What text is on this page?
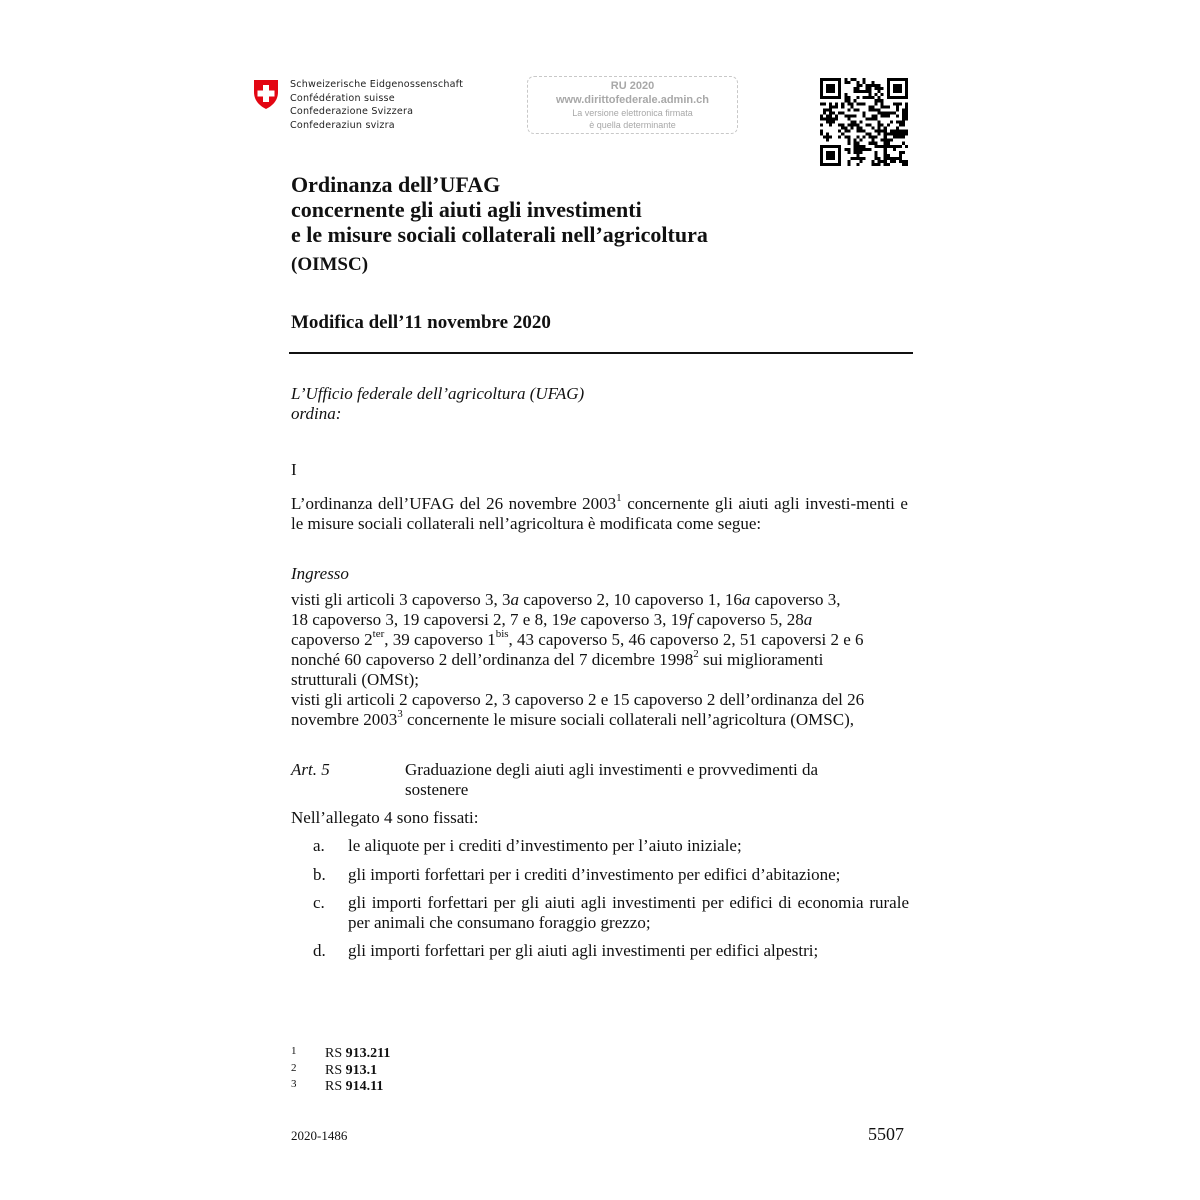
Schweizerische Eidgenossenschaft
Confédération suisse
Confederazione Svizzera
Confederaziun svizra
RU 2020
www.dirittofederale.admin.ch
La versione elettronica firmata
è quella determinante
Ordinanza dell’UFAG
concernente gli aiuti agli investimenti
e le misure sociali collaterali nell’agricoltura
(OIMSC)
Modifica dell’11 novembre 2020
L’Ufficio federale dell’agricoltura (UFAG)
ordina:
I
L’ordinanza dell’UFAG del 26 novembre 2003$^1$ concernente gli aiuti agli investi-menti e le misure sociali collaterali nell’agricoltura è modificata come segue:
Ingresso
visti gli articoli 3 capoverso 3, 3a capoverso 2, 10 capoverso 1, 16a capoverso 3,
18 capoverso 3, 19 capoversi 2, 7 e 8, 19e capoverso 3, 19f capoverso 5, 28a
capoverso $2^{ter}$, 39 capoverso $1^{bis}$, 43 capoverso 5, 46 capoverso 2, 51 capoversi 2 e 6
nonché 60 capoverso 2 dell’ordinanza del 7 dicembre 1998$^2$ sui miglioramenti
strutturali (OMSt);
visti gli articoli 2 capoverso 2, 3 capoverso 2 e 15 capoverso 2 dell’ordinanza del 26
novembre 2003$^3$ concernente le misure sociali collaterali nell’agricoltura (OMSC),
Art. 5	Graduazione degli aiuti agli investimenti e provvedimenti da
sostenere
Nell’allegato 4 sono fissati:
a. le aliquote per i crediti d’investimento per l’aiuto iniziale;
b. gli importi forfettari per i crediti d’investimento per edifici d’abitazione;
c. gli importi forfettari per gli aiuti agli investimenti per edifici di economia rurale per animali che consumano foraggio grezzo;
d. gli importi forfettari per gli aiuti agli investimenti per edifici alpestri;
1 RS 913.211
2 RS 913.1
3 RS 914.11
2020-1486	5507
